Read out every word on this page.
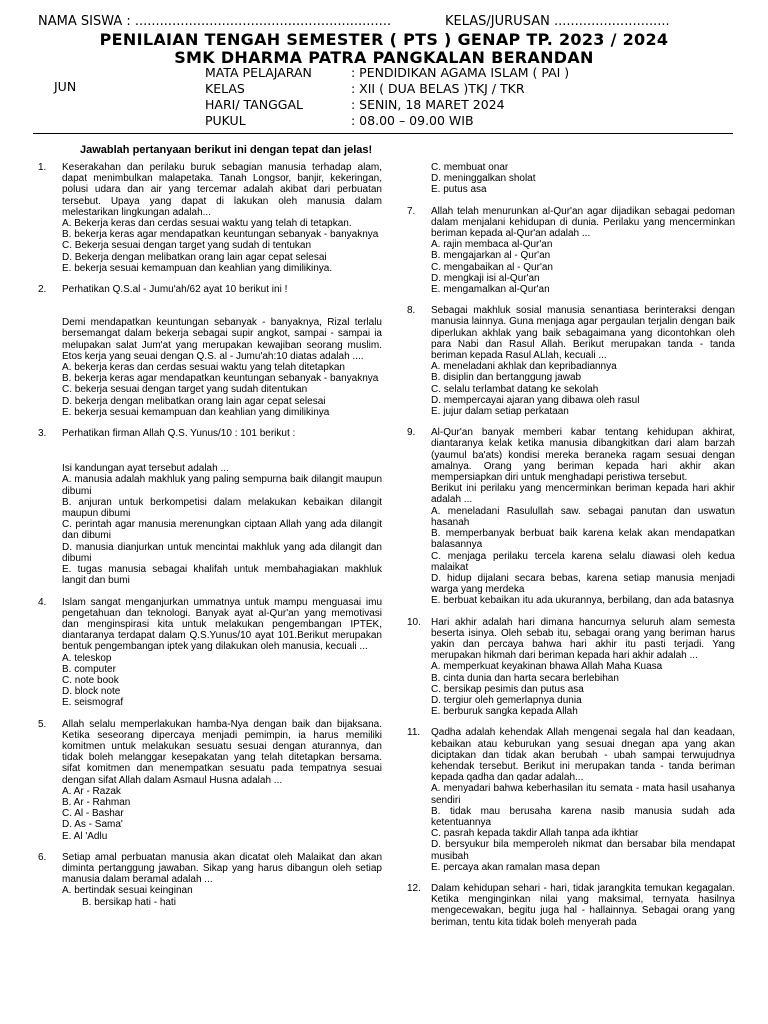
NAMA SISWA : ..............................................................	KELAS/JURUSAN ............................
PENILAIAN TENGAH SEMESTER ( PTS ) GENAP TP. 2023 / 2024
SMK DHARMA PATRA PANGKALAN BERANDAN
JUN
MATA PELAJARAN	: PENDIDIKAN AGAMA ISLAM ( PAI )
KELAS	: XII ( DUA BELAS )TKJ / TKR
HARI/ TANGGAL	: SENIN, 18 MARET 2024
PUKUL	: 08.00 – 09.00 WIB
Jawablah pertanyaan berikut ini dengan tepat dan jelas!
1.	Keserakahan dan perilaku buruk sebagian manusia terhadap alam, dapat menimbulkan malapetaka. Tanah Longsor, banjir, kekeringan, polusi udara dan air yang tercemar adalah akibat dari perbuatan tersebut. Upaya yang dapat di lakukan oleh manusia dalam melestarikan lingkungan adalah...
A. Bekerja keras dan cerdas sesuai waktu yang telah di tetapkan.
B. bekerja keras agar mendapatkan keuntungan sebanyak - banyaknya
C. Bekerja sesuai dengan target yang sudah di tentukan
D. Bekerja dengan melibatkan orang lain agar cepat selesai
E. bekerja sesuai kemampuan dan keahlian yang dimilikinya.
2.	Perhatikan Q.S.al - Jumu'ah/62 ayat 10 berikut ini !
Demi mendapatkan keuntungan sebanyak - banyaknya, Rizal terlalu bersemangat dalam bekerja sebagai supir angkot, sampai - sampai ia melupakan salat Jum'at yang merupakan kewajiban seorang muslim. Etos kerja yang seuai dengan Q.S. al - Jumu'ah:10 diatas adalah ....
A. bekerja keras dan cerdas sesuai waktu yang telah ditetapkan
B. bekerja keras agar mendapatkan keuntungan sebanyak - banyaknya
C. bekerja sesuai dengan target yang sudah ditentukan
D. bekerja dengan melibatkan orang lain agar cepat selesai
E. bekerja sesuai kemampuan dan keahlian yang dimilikinya
3.	Perhatikan firman Allah Q.S. Yunus/10 : 101 berikut :
Isi kandungan ayat tersebut adalah ...
A. manusia adalah makhluk yang paling sempurna baik dilangit maupun dibumi
B. anjuran untuk berkompetisi dalam melakukan kebaikan dilangit maupun dibumi
C. perintah agar manusia merenungkan ciptaan Allah yang ada dilangit dan dibumi
D. manusia dianjurkan untuk mencintai makhluk yang ada dilangit dan dibumi
E. tugas manusia sebagai khalifah untuk membahagiakan makhluk langit dan bumi
4.	Islam sangat menganjurkan ummatnya untuk mampu menguasai imu pengetahuan dan teknologi. Banyak ayat al-Qur'an yang memotivasi dan menginspirasi kita untuk melakukan pengembangan IPTEK, diantaranya terdapat dalam Q.S.Yunus/10 ayat 101.Berikut merupakan bentuk pengembangan iptek yang dilakukan oleh manusia, kecuali ...
A. teleskop
B. computer
C. note book
D. block note
E. seismograf
5.	Allah selalu memperlakukan hamba-Nya dengan baik dan bijaksana. Ketika seseorang dipercaya menjadi pemimpin, ia harus memiliki komitmen untuk melakukan sesuatu sesuai dengan aturannya, dan tidak boleh melanggar kesepakatan yang telah ditetapkan bersama. sifat komitmen dan menempatkan sesuatu pada tempatnya sesuai dengan sifat Allah dalam Asmaul Husna adalah ...
A. Ar - Razak
B. Ar - Rahman
C. Al - Bashar
D. As - Sama'
E. Al 'Adlu
6.	Setiap amal perbuatan manusia akan dicatat oleh Malaikat dan akan diminta pertanggung jawaban. Sikap yang harus dibangun oleh setiap manusia dalam beramal adalah ...
A. bertindak sesuai keinginan
B. bersikap hati - hati
C. membuat onar
D. meninggalkan sholat
E. putus asa
7.	Allah telah menurunkan al-Qur'an agar dijadikan sebagai pedoman dalam menjalani kehidupan di dunia. Perilaku yang mencerminkan beriman kepada al-Qur'an adalah ...
A. rajin membaca al-Qur'an
B. mengajarkan al - Qur'an
C. mengabaikan al - Qur'an
D. mengkaji isi al-Qur'an
E. mengamalkan al-Qur'an
8.	Sebagai makhluk sosial manusia senantiasa berinteraksi dengan manusia lainnya. Guna menjaga agar pergaulan terjalin dengan baik diperlukan akhlak yang baik sebagaimana yang dicontohkan oleh para Nabi dan Rasul Allah. Berikut merupakan tanda - tanda beriman kepada Rasul ALlah, kecuali ...
A. meneladani akhlak dan kepribadiannya
B. disiplin dan bertanggung jawab
C. selalu terlambat datang ke sekolah
D. mempercayai ajaran yang dibawa oleh rasul
E. jujur dalam setiap perkataan
9.	Al-Qur'an banyak memberi kabar tentang kehidupan akhirat, diantaranya kelak ketika manusia dibangkitkan dari alam barzah (yaumul ba'ats) kondisi mereka beraneka ragam sesuai dengan amalnya. Orang yang beriman kepada hari akhir akan mempersiapkan diri untuk menghadapi peristiwa tersebut.
Berikut ini perilaku yang mencerminkan beriman kepada hari akhir adalah ...
A. meneladani Rasulullah saw. sebagai panutan dan uswatun hasanah
B. memperbanyak berbuat baik karena kelak akan mendapatkan balasannya
C. menjaga perilaku tercela karena selalu diawasi oleh kedua malaikat
D. hidup dijalani secara bebas, karena setiap manusia menjadi warga yang merdeka
E. berbuat kebaikan itu ada ukurannya, berbilang, dan ada batasnya
10.	Hari akhir adalah hari dimana hancurnya seluruh alam semesta beserta isinya. Oleh sebab itu, sebagai orang yang beriman harus yakin dan percaya bahwa hari akhir itu pasti terjadi. Yang merupakan hikmah dari beriman kepada hari akhir adalah ...
A. memperkuat keyakinan bhawa Allah Maha Kuasa
B. cinta dunia dan harta secara berlebihan
C. bersikap pesimis dan putus asa
D. tergiur oleh gemerlapnya dunia
E. berburuk sangka kepada Allah
11.	Qadha adalah kehendak Allah mengenai segala hal dan keadaan, kebaikan atau keburukan yang sesuai dnegan apa yang akan diciptakan dan tidak akan berubah - ubah sampai terwujudnya kehendak tersebut. Berikut ini merupakan tanda - tanda beriman kepada qadha dan qadar adalah...
A. menyadari bahwa keberhasilan itu semata - mata hasil usahanya sendiri
B. tidak mau berusaha karena nasib manusia sudah ada ketentuannya
C. pasrah kepada takdir Allah tanpa ada ikhtiar
D. bersyukur bila memperoleh nikmat dan bersabar bila mendapat musibah
E. percaya akan ramalan masa depan
12.	Dalam kehidupan sehari - hari, tidak jarangkita temukan kegagalan. Ketika menginginkan nilai yang maksimal, ternyata hasilnya mengecewakan, begitu juga hal - hallainnya. Sebagai orang yang beriman, tentu kita tidak boleh menyerah pada
